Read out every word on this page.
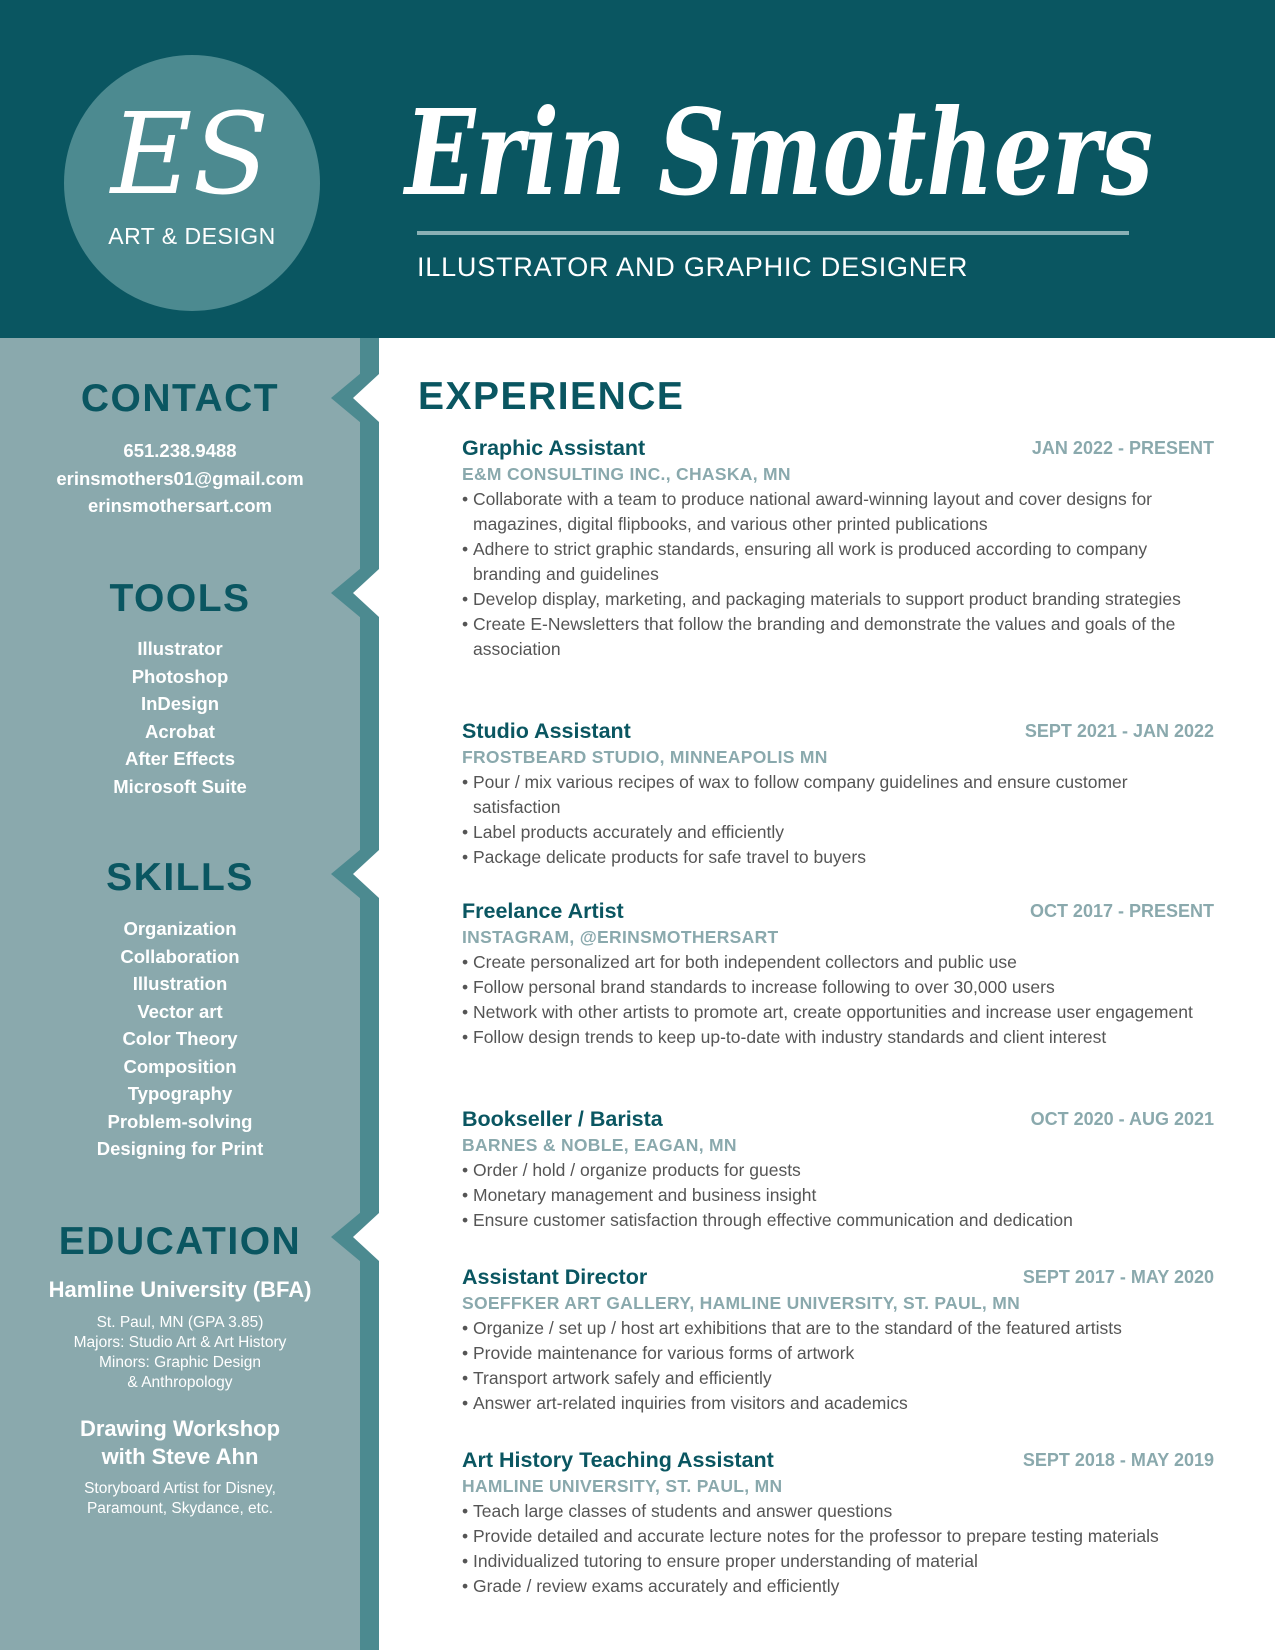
ES
ART & DESIGN
Erin Smothers
ILLUSTRATOR AND GRAPHIC DESIGNER
CONTACT
651.238.9488
erinsmothers01@gmail.com
erinsmothersart.com
TOOLS
Illustrator
Photoshop
InDesign
Acrobat
After Effects
Microsoft Suite
SKILLS
Organization
Collaboration
Illustration
Vector art
Color Theory
Composition
Typography
Problem-solving
Designing for Print
EDUCATION
Hamline University (BFA)
St. Paul, MN (GPA 3.85)
Majors: Studio Art & Art History
Minors: Graphic Design
& Anthropology
Drawing Workshop
with Steve Ahn
Storyboard Artist for Disney,
Paramount, Skydance, etc.
EXPERIENCE
Graphic Assistant	JAN 2022 - PRESENT
E&M CONSULTING INC., CHASKA, MN
• Collaborate with a team to produce national award-winning layout and cover designs for magazines, digital flipbooks, and various other printed publications
• Adhere to strict graphic standards, ensuring all work is produced according to company branding and guidelines
• Develop display, marketing, and packaging materials to support product branding strategies
• Create E-Newsletters that follow the branding and demonstrate the values and goals of the association
Studio Assistant	SEPT 2021 - JAN 2022
FROSTBEARD STUDIO, MINNEAPOLIS MN
• Pour / mix various recipes of wax to follow company guidelines and ensure customer satisfaction
• Label products accurately and efficiently
• Package delicate products for safe travel to buyers
Freelance Artist	OCT 2017 - PRESENT
INSTAGRAM, @ERINSMOTHERSART
• Create personalized art for both independent collectors and public use
• Follow personal brand standards to increase following to over 30,000 users
• Network with other artists to promote art, create opportunities and increase user engagement
• Follow design trends to keep up-to-date with industry standards and client interest
Bookseller / Barista	OCT 2020 - AUG 2021
BARNES & NOBLE, EAGAN, MN
• Order / hold / organize products for guests
• Monetary management and business insight
• Ensure customer satisfaction through effective communication and dedication
Assistant Director	SEPT 2017 - MAY 2020
SOEFFKER ART GALLERY, HAMLINE UNIVERSITY, ST. PAUL, MN
• Organize / set up / host art exhibitions that are to the standard of the featured artists
• Provide maintenance for various forms of artwork
• Transport artwork safely and efficiently
• Answer art-related inquiries from visitors and academics
Art History Teaching Assistant	SEPT 2018 - MAY 2019
HAMLINE UNIVERSITY, ST. PAUL, MN
• Teach large classes of students and answer questions
• Provide detailed and accurate lecture notes for the professor to prepare testing materials
• Individualized tutoring to ensure proper understanding of material
• Grade / review exams accurately and efficiently
